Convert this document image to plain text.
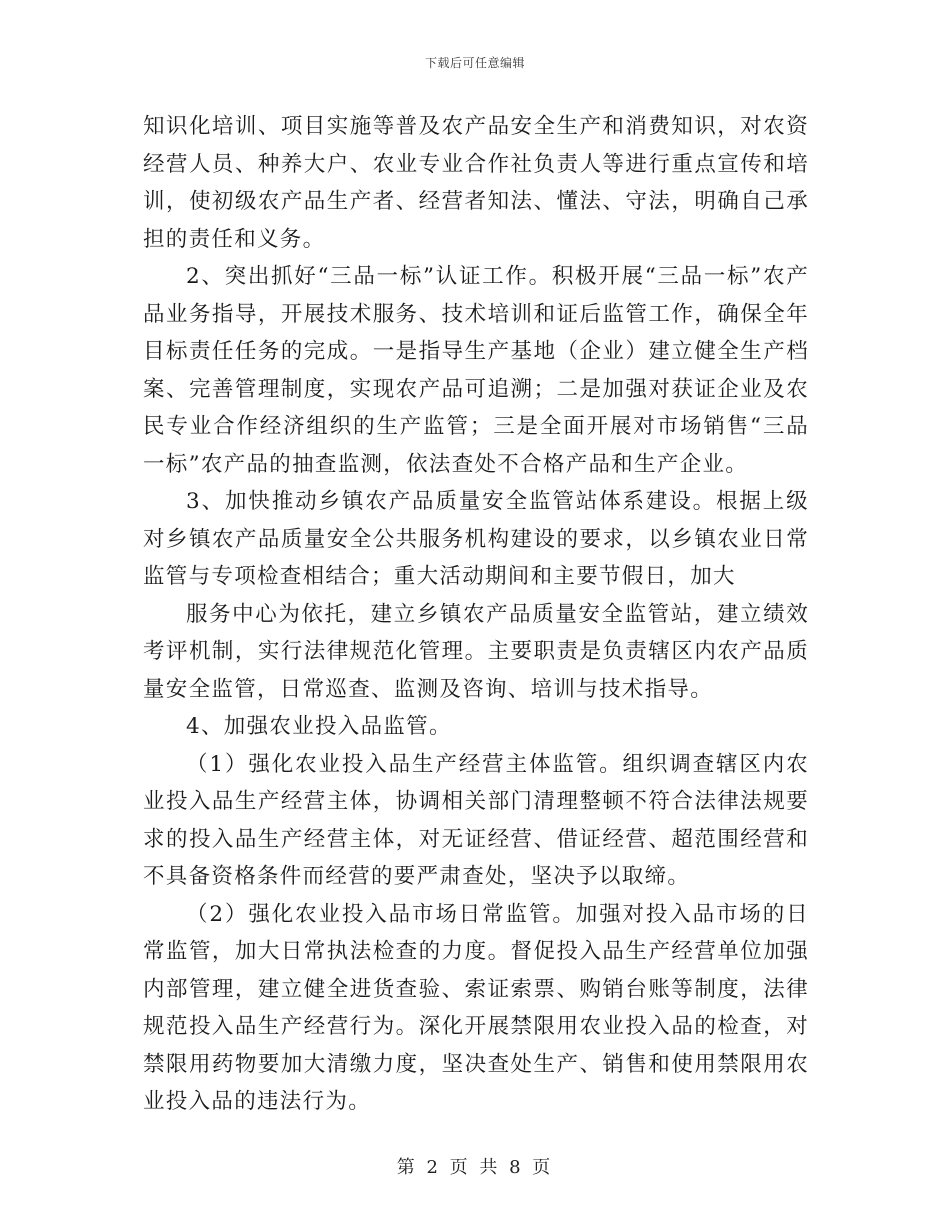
下载后可任意编辑

知识化培训、项目实施等普及农产品安全生产和消费知识，对农资经营人员、种养大户、农业专业合作社负责人等进行重点宣传和培训，使初级农产品生产者、经营者知法、懂法、守法，明确自己承担的责任和义务。

2、突出抓好“三品一标”认证工作。积极开展“三品一标”农产品业务指导，开展技术服务、技术培训和证后监管工作，确保全年目标责任任务的完成。一是指导生产基地（企业）建立健全生产档案、完善管理制度，实现农产品可追溯；二是加强对获证企业及农民专业合作经济组织的生产监管；三是全面开展对市场销售“三品一标”农产品的抽查监测，依法查处不合格产品和生产企业。

3、加快推动乡镇农产品质量安全监管站体系建设。根据上级对乡镇农产品质量安全公共服务机构建设的要求，以乡镇农业日常监管与专项检查相结合；重大活动期间和主要节假日，加大

服务中心为依托，建立乡镇农产品质量安全监管站，建立绩效考评机制，实行法律规范化管理。主要职责是负责辖区内农产品质量安全监管，日常巡查、监测及咨询、培训与技术指导。

4、加强农业投入品监管。

（1）强化农业投入品生产经营主体监管。组织调查辖区内农业投入品生产经营主体，协调相关部门清理整顿不符合法律法规要求的投入品生产经营主体，对无证经营、借证经营、超范围经营和不具备资格条件而经营的要严肃查处，坚决予以取缔。

（2）强化农业投入品市场日常监管。加强对投入品市场的日常监管，加大日常执法检查的力度。督促投入品生产经营单位加强内部管理，建立健全进货查验、索证索票、购销台账等制度，法律规范投入品生产经营行为。深化开展禁限用农业投入品的检查，对禁限用药物要加大清缴力度，坚决查处生产、销售和使用禁限用农业投入品的违法行为。

第 2 页 共 8 页
